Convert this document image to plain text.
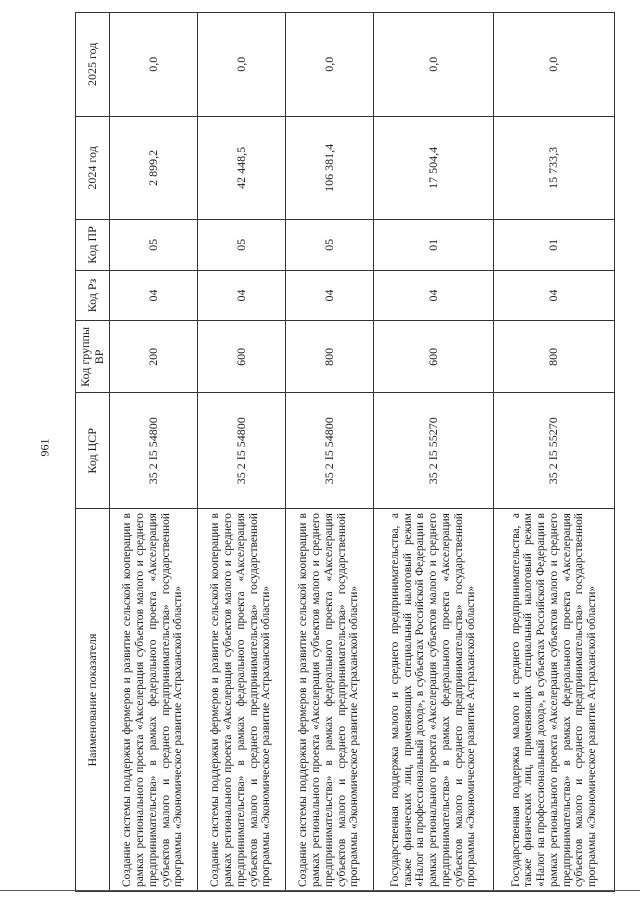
961
Наименование показателя	Код ЦСР	Код группы ВР	Код Рз	Код ПР	2024 год	2025 год
Создание системы поддержки фермеров и развитие сельской кооперации в рамках регионального проекта «Акселерация субъектов малого и среднего предпринимательства» в рамках федерального проекта «Акселерация субъектов малого и среднего предпринимательства» государственной программы «Экономическое развитие Астраханской области»	35 2 I5 54800	200	04	05	2 899,2	0,0
Создание системы поддержки фермеров и развитие сельской кооперации в рамках регионального проекта «Акселерация субъектов малого и среднего предпринимательства» в рамках федерального проекта «Акселерация субъектов малого и среднего предпринимательства» государственной программы «Экономическое развитие Астраханской области»	35 2 I5 54800	600	04	05	42 448,5	0,0
Создание системы поддержки фермеров и развитие сельской кооперации в рамках регионального проекта «Акселерация субъектов малого и среднего предпринимательства» в рамках федерального проекта «Акселерация субъектов малого и среднего предпринимательства» государственной программы «Экономическое развитие Астраханской области»	35 2 I5 54800	800	04	05	106 381,4	0,0
Государственная поддержка малого и среднего предпринимательства, а также физических лиц, применяющих специальный налоговый режим «Налог на профессиональный доход», в субъектах Российской Федерации в рамках регионального проекта «Акселерация субъектов малого и среднего предпринимательства» в рамках федерального проекта «Акселерация субъектов малого и среднего предпринимательства» государственной программы «Экономическое развитие Астраханской области»	35 2 I5 55270	600	04	01	17 504,4	0,0
Государственная поддержка малого и среднего предпринимательства, а также физических лиц, применяющих специальный налоговый режим «Налог на профессиональный доход», в субъектах Российской Федерации в рамках регионального проекта «Акселерация субъектов малого и среднего предпринимательства» в рамках федерального проекта «Акселерация субъектов малого и среднего предпринимательства» государственной программы «Экономическое развитие Астраханской области»	35 2 I5 55270	800	04	01	15 733,3	0,0
